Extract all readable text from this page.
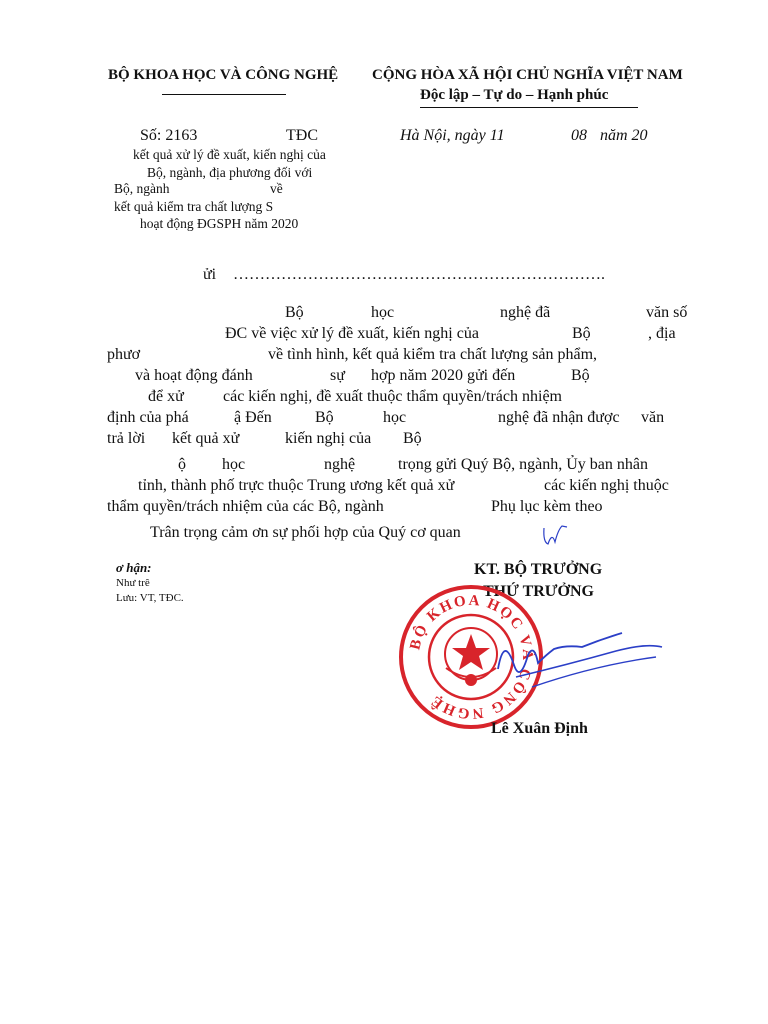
BỘ KHOA HỌC VÀ CÔNG NGHỆ CỘNG HÒA XÃ HỘI CHỦ NGHĨA VIỆT NAM
Độc lập – Tự do – Hạnh phúc
Số: 2163	TĐC	Hà Nội, ngày 11	08 năm 20
kết quả xử lý đề xuất, kiến nghị của
Bộ, ngành, địa phương đối với
Bộ, ngành	về
kết quả kiểm tra chất lượng S
hoạt động ĐGSPH năm 2020
ửi …………………………………………………………….
Bộ	học	nghệ đã	văn số
ĐC về việc xử lý đề xuất, kiến nghị của	Bộ	, địa
phươ	về tình hình, kết quả kiểm tra chất lượng sản phẩm,
và hoạt động đánh	sự hợp năm 2020 gửi đến	Bộ
để xử các kiến nghị, đề xuất thuộc thẩm quyền/trách nhiệm
định của phá	ậ Đến	Bộ	học	nghệ đã nhận được văn
trả lời kết quả xử	kiến nghị của Bộ
ộ học	nghệ	trọng gửi Quý Bộ, ngành, Ủy ban nhân
tỉnh, thành phố trực thuộc Trung ương kết quả xử	các kiến nghị thuộc
thẩm quyền/trách nhiệm của các Bộ, ngành	Phụ lục kèm theo
Trân trọng cảm ơn sự phối hợp của Quý cơ quan
ơ hận:
Như trê
Lưu: VT, TĐC.
KT. BỘ TRƯỞNG
THỨ TRƯỞNG
BỘ KHOA HỌC VÀ CÔNG NGHỆ
Lê Xuân Định
